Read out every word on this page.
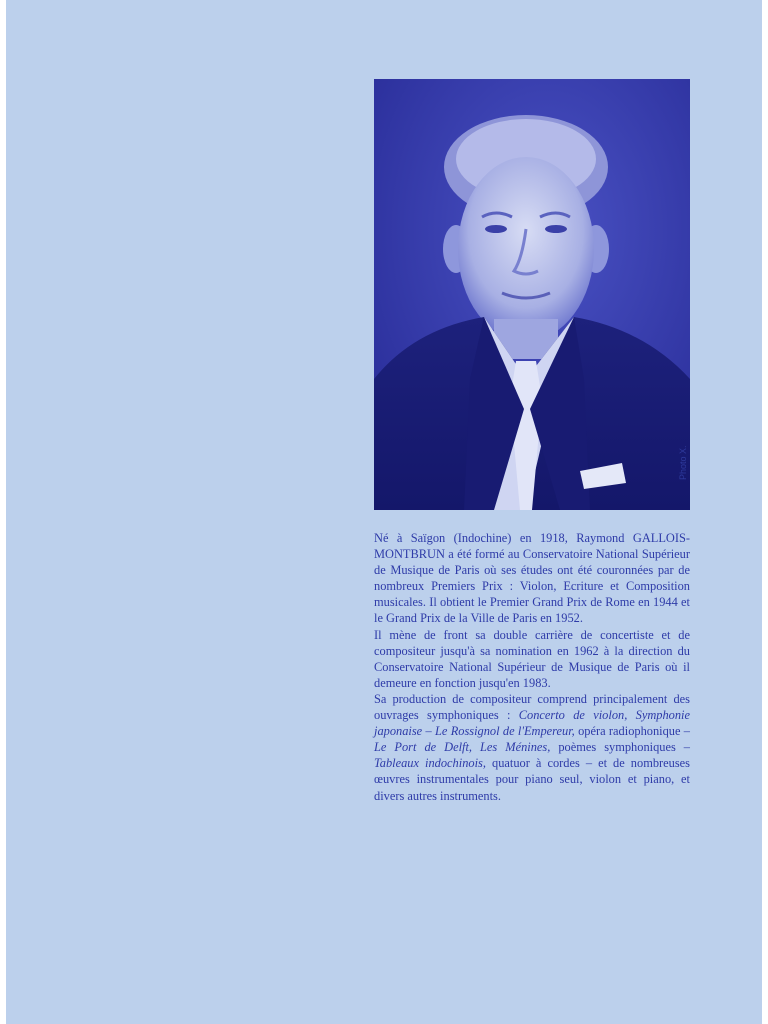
Photo X.

Né à Saïgon (Indochine) en 1918, Raymond GALLOIS-MONTBRUN a été formé au Conservatoire National Supérieur de Musique de Paris où ses études ont été couronnées par de nombreux Premiers Prix : Violon, Ecriture et Composition musicales. Il obtient le Premier Grand Prix de Rome en 1944 et le Grand Prix de la Ville de Paris en 1952.

Il mène de front sa double carrière de concertiste et de compositeur jusqu'à sa nomination en 1962 à la direction du Conservatoire National Supérieur de Musique de Paris où il demeure en fonction jusqu'en 1983.

Sa production de compositeur comprend principalement des ouvrages symphoniques : Concerto de violon, Symphonie japonaise – Le Rossignol de l'Empereur, opéra radiophonique – Le Port de Delft, Les Ménines, poèmes symphoniques – Tableaux indochinois, quatuor à cordes – et de nombreuses œuvres instrumentales pour piano seul, violon et piano, et divers autres instruments.
